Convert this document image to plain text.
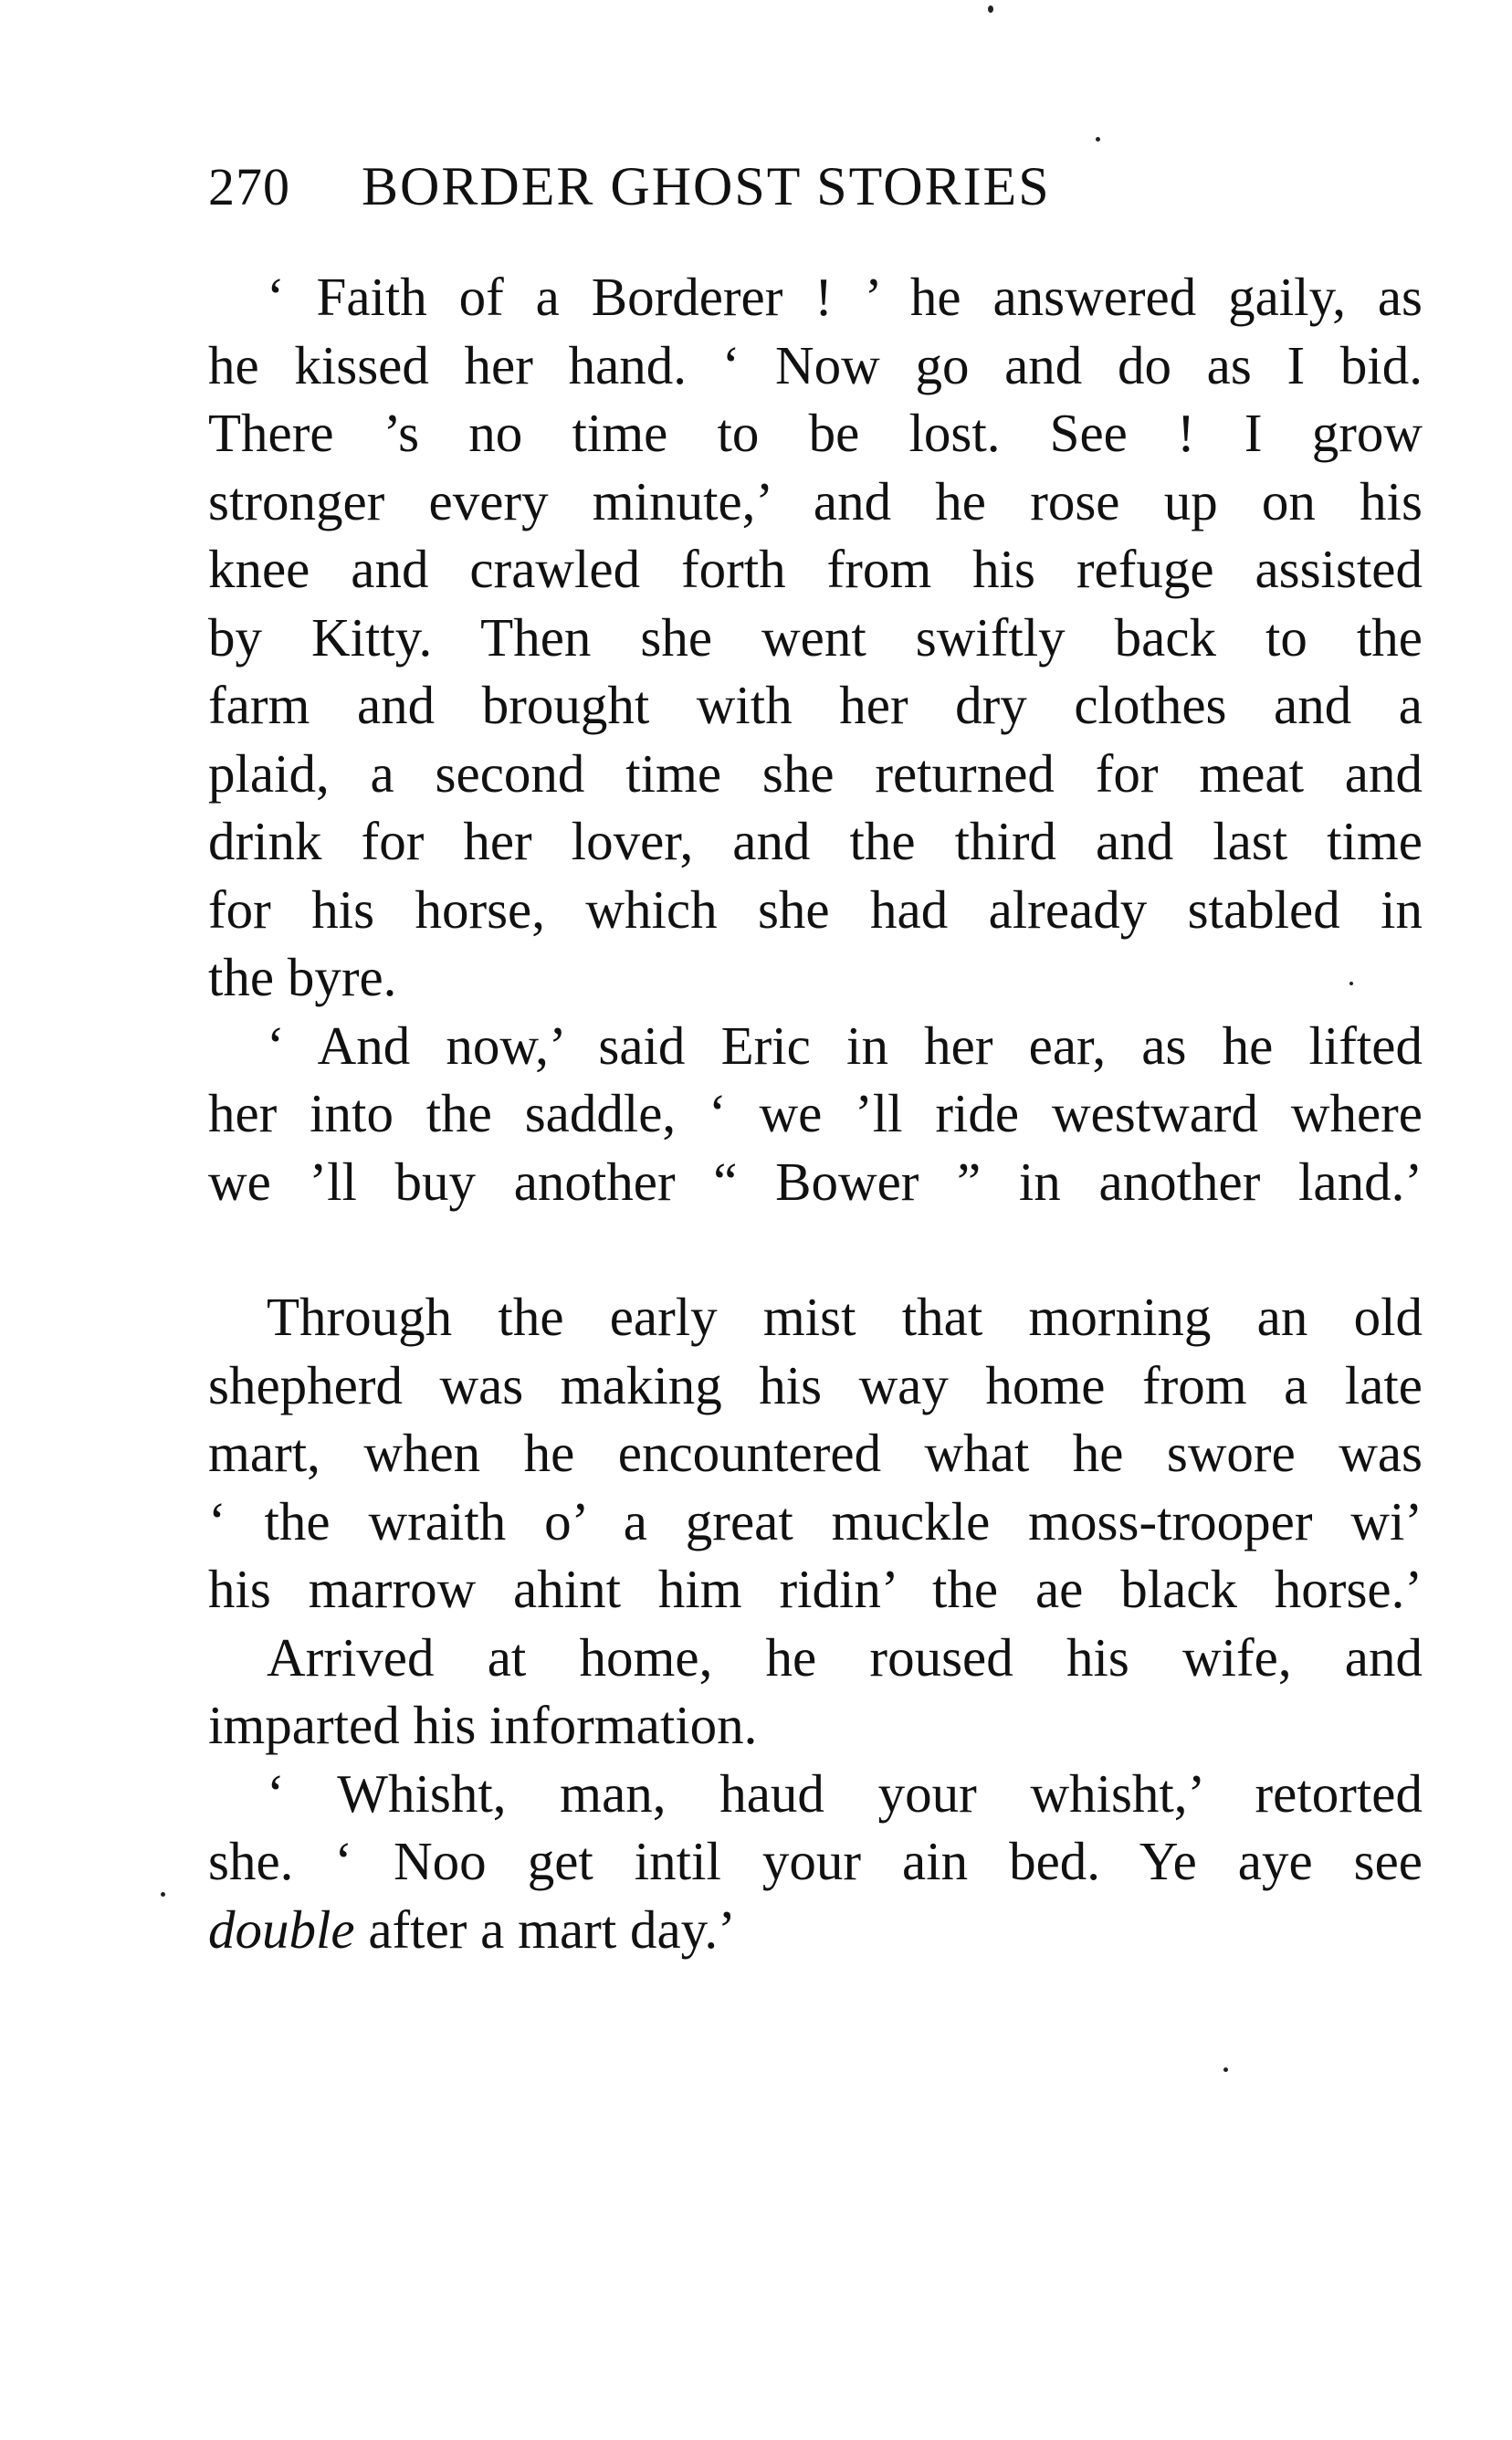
270	BORDER GHOST STORIES

‘ Faith of a Borderer ! ’ he answered gaily, as

he kissed her hand. ‘ Now go and do as I bid.

There ’s no time to be lost. See ! I grow

stronger every minute,’ and he rose up on his

knee and crawled forth from his refuge assisted

by Kitty. Then she went swiftly back to the

farm and brought with her dry clothes and a

plaid, a second time she returned for meat and

drink for her lover, and the third and last time

for his horse, which she had already stabled in

the byre.

‘ And now,’ said Eric in her ear, as he lifted

her into the saddle, ‘ we ’ll ride westward where

we ’ll buy another “ Bower ” in another land.’

Through the early mist that morning an old

shepherd was making his way home from a late

mart, when he encountered what he swore was

‘ the wraith o’ a great muckle moss-trooper wi’

his marrow ahint him ridin’ the ae black horse.’

Arrived at home, he roused his wife, and

imparted his information.

‘ Whisht, man, haud your whisht,’ retorted

she. ‘ Noo get intil your ain bed. Ye aye see

double after a mart day.’
